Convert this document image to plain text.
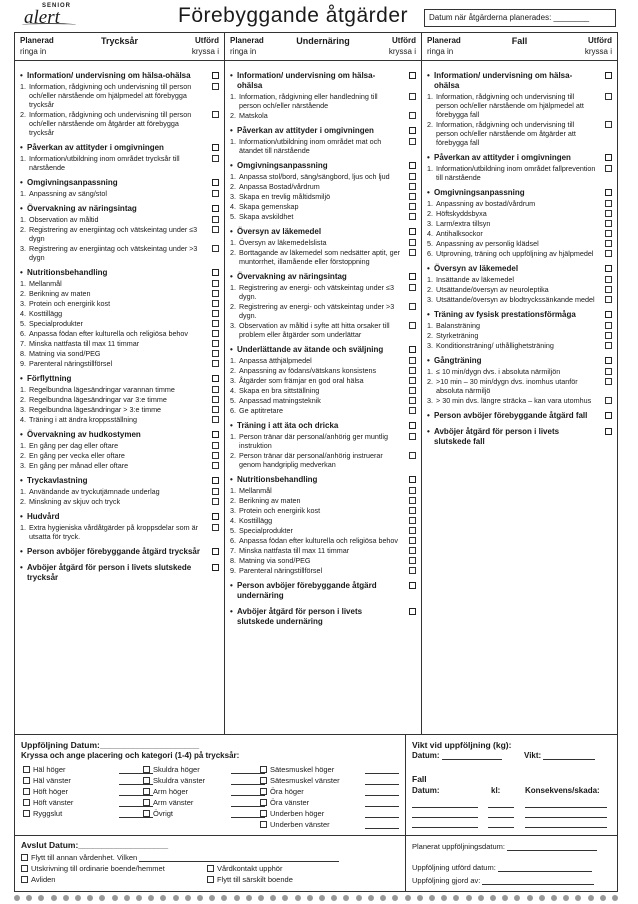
SENIOR
alert	Förebyggande åtgärder	Datum när åtgärderna planerades: ________
Planerad
ringa in
Trycksår	Utförd
kryssa i
• Information/ undervisning om hälsa-ohälsa
1. Information, rådgivning och undervisning till person och/eller närstående om hjälpmedel att förebygga trycksår
2. Information, rådgivning och undervisning till person och/eller närstående om åtgärder att förebygga trycksår
• Påverkan av attityder i omgivningen
1. Information/utbildning inom området trycksår till närstående
• Omgivningsanpassning
1. Anpassning av säng/stol
• Övervakning av näringsintag
1. Observation av måltid
2. Registrering av energiintag och vätskeintag under ≤3 dygn
3. Registrering av energiintag och vätskeintag under >3 dygn
• Nutritionsbehandling
1. Mellanmål
2. Berikning av maten
3. Protein och energirik kost
4. Kosttillägg
5. Specialprodukter
6. Anpassa födan efter kulturella och religiösa behov
7. Minska nattfasta till max 11 timmar
8. Matning via sond/PEG
9. Parenteral näringstillförsel
• Förflyttning
1. Regelbundna lägesändringar varannan timme
2. Regelbundna lägesändringar var 3:e timme
3. Regelbundna lägesändringar > 3:e timme
4. Träning i att ändra kroppsställning
• Övervakning av hudkostymen
1. En gång per dag eller oftare
2. En gång per vecka eller oftare
3. En gång per månad eller oftare
• Tryckavlastning
1. Användande av tryckutjämnade underlag
2. Minskning av skjuv och tryck
• Hudvård
1. Extra hygieniska vårdåtgärder på kroppsdelar som är utsatta för tryck.
• Person avböjer förebyggande åtgärd trycksår
• Avböjer åtgärd för person i livets slutskede trycksår
Planerad
ringa in
Undernäring	Utförd
kryssa i
• Information/ undervisning om hälsa-ohälsa
1. Information, rådgivning eller handledning till person och/eller närstående
2. Matskola
• Påverkan av attityder i omgivningen
1. Information/utbildning inom området mat och ätandet till närstående
• Omgivningsanpassning
1. Anpassa stol/bord, säng/sängbord, ljus och ljud
2. Anpassa Bostad/vårdrum
3. Skapa en trevlig måltidsmiljö
4. Skapa gemenskap
5. Skapa avskildhet
• Översyn av läkemedel
1. Översyn av läkemedelslista
2. Borttagande av läkemedel som nedsätter aptit, ger muntorrhet, illamående eller förstoppning
• Övervakning av näringsintag
1. Registrering av energi- och vätskeintag under ≤3 dygn.
2. Registrering av energi- och vätskeintag under >3 dygn.
3. Observation av måltid i syfte att hitta orsaker till problem eller åtgärder som underlättar
• Underlättande av ätande och sväljning
1. Anpassa ätthjälpmedel
2. Anpassning av födans/vätskans konsistens
3. Åtgärder som främjar en god oral hälsa
4. Skapa en bra sittställning
5. Anpassad matningsteknik
6. Ge aptitretare
• Träning i att äta och dricka
1. Person tränar där personal/anhörig ger muntlig instruktion
2. Person tränar där personal/anhörig instruerar genom handgriplig medverkan
• Nutritionsbehandling
1. Mellanmål
2. Berikning av maten
3. Protein och energirik kost
4. Kosttillägg
5. Specialprodukter
6. Anpassa födan efter kulturella och religiösa behov
7. Minska nattfasta till max 11 timmar
8. Matning via sond/PEG
9. Parenteral näringstillförsel
• Person avböjer förebyggande åtgärd undernäring
• Avböjer åtgärd för person i livets slutskede undernäring
Planerad
ringa in
Fall	Utförd
kryssa i
• Information/ undervisning om hälsa-ohälsa
1. Information, rådgivning och undervisning till person och/eller närstående om hjälpmedel att förebygga fall
2. Information, rådgivning och undervisning till person och/eller närstående om åtgärder att förebygga fall
• Påverkan av attityder i omgivningen
1. Information/utbildning inom området fallprevention till närstående
• Omgivningsanpassning
1. Anpassning av bostad/vårdrum
2. Höftskyddsbyxa
3. Larm/extra tillsyn
4. Antihalksockor
5. Anpassning av personlig klädsel
6. Utprovning, träning och uppföljning av hjälpmedel
• Översyn av läkemedel
1. Insättande av läkemedel
2. Utsättande/översyn av neuroleptika
3. Utsättande/översyn av blodtryckssänkande medel
• Träning av fysisk prestationsförmåga
1. Balansträning
2. Styrketräning
3. Konditionsträning/ uthållighetsträning
• Gångträning
1. ≤ 10 min/dygn dvs. i absoluta närmiljön
2. >10 min – 30 min/dygn dvs. inomhus utanför absoluta närmiljö
3. > 30 min dvs. längre sträcka – kan vara utomhus
• Person avböjer förebyggande åtgärd fall
• Avböjer åtgärd för person i livets slutskede fall
Uppföljning Datum:_____________________
Kryssa och ange placering och kategori (1-4) på trycksår:
Häl höger
Häl vänster
Höft höger
Höft vänster
Ryggslut
Skuldra höger
Skuldra vänster
Arm höger
Arm vänster
Övrigt
Sätesmuskel höger
Sätesmuskel vänster
Öra höger
Öra vänster
Underben höger
Underben vänster
Vikt vid uppföljning (kg):
Datum:	Vikt:
Fall
Datum:	kl:	Konsekvens/skada:
Avslut Datum:___________________
Flytt till annan vårdenhet. Vilken
Utskrivning till ordinarie boende/hemmet
Avliden
Vårdkontakt upphör
Flytt till särskilt boende
Planerat uppföljningsdatum:
Uppföljning utförd datum:
Uppföljning gjord av:
